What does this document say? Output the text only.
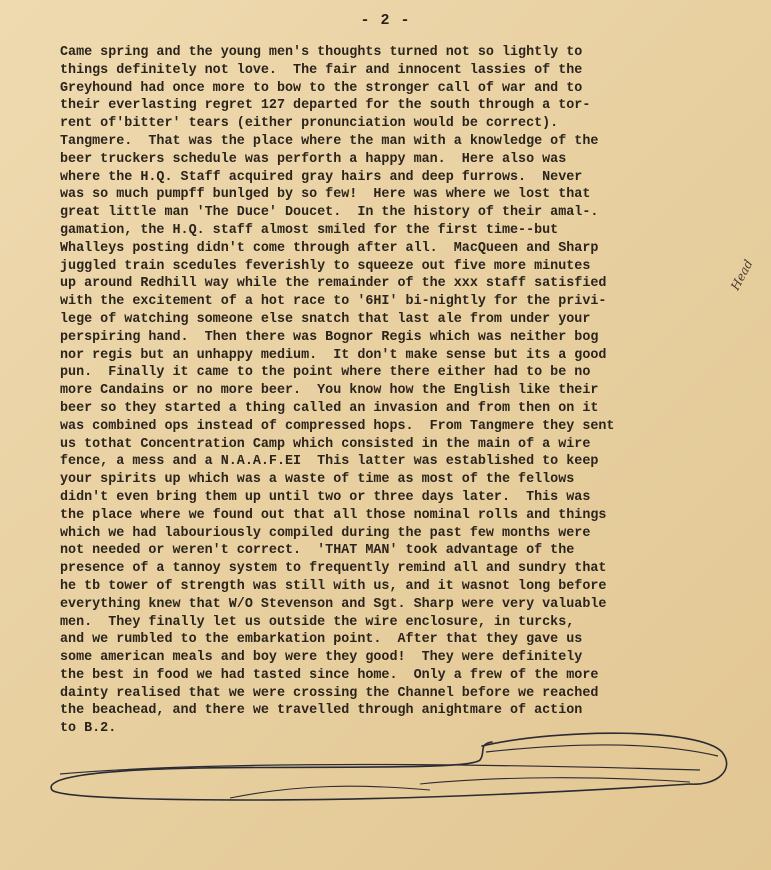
- 2 -
Came spring and the young men's thoughts turned not so lightly to
things definitely not love.  The fair and innocent lassies of the
Greyhound had once more to bow to the stronger call of war and to
their everlasting regret 127 departed for the south through a tor-
rent of'bitter' tears (either pronunciation would be correct).
Tangmere.  That was the place where the man with a knowledge of the
beer truckers schedule was perforth a happy man.  Here also was
where the H.Q. Staff acquired gray hairs and deep furrows.  Never
was so much pumpff bunlged by so few!  Here was where we lost that
great little man 'The Duce' Doucet.  In the history of their amal-.
gamation, the H.Q. staff almost smiled for the first time--but
Whalleys posting didn't come through after all.  MacQueen and Sharp
juggled train scedules feverishly to squeeze out five more minutes
up around Redhill way while the remainder of the xxx staff satisfied
with the excitement of a hot race to '6HI' bi-nightly for the privi-
lege of watching someone else snatch that last ale from under your
perspiring hand.  Then there was Bognor Regis which was neither bog
nor regis but an unhappy medium.  It don't make sense but its a good
pun.  Finally it came to the point where there either had to be no
more Candains or no more beer.  You know how the English like their
beer so they started a thing called an invasion and from then on it
was combined ops instead of compressed hops.  From Tangmere they sent
us tothat Concentration Camp which consisted in the main of a wire
fence, a mess and a N.A.A.F.EI  This latter was established to keep
your spirits up which was a waste of time as most of the fellows
didn't even bring them up until two or three days later.  This was
the place where we found out that all those nominal rolls and things
which we had labouriously compiled during the past few months were
not needed or weren't correct.  'THAT MAN' took advantage of the
presence of a tannoy system to frequently remind all and sundry that
he tb tower of strength was still with us, and it wasnot long before
everything knew that W/O Stevenson and Sgt. Sharp were very valuable
men.  They finally let us outside the wire enclosure, in turcks,
and we rumbled to the embarkation point.  After that they gave us
some american meals and boy were they good!  They were definitely
the best in food we had tasted since home.  Only a frew of the more
dainty realised that we were crossing the Channel before we reached
the beachead, and there we travelled through anightmare of action
to B.2.
Head
